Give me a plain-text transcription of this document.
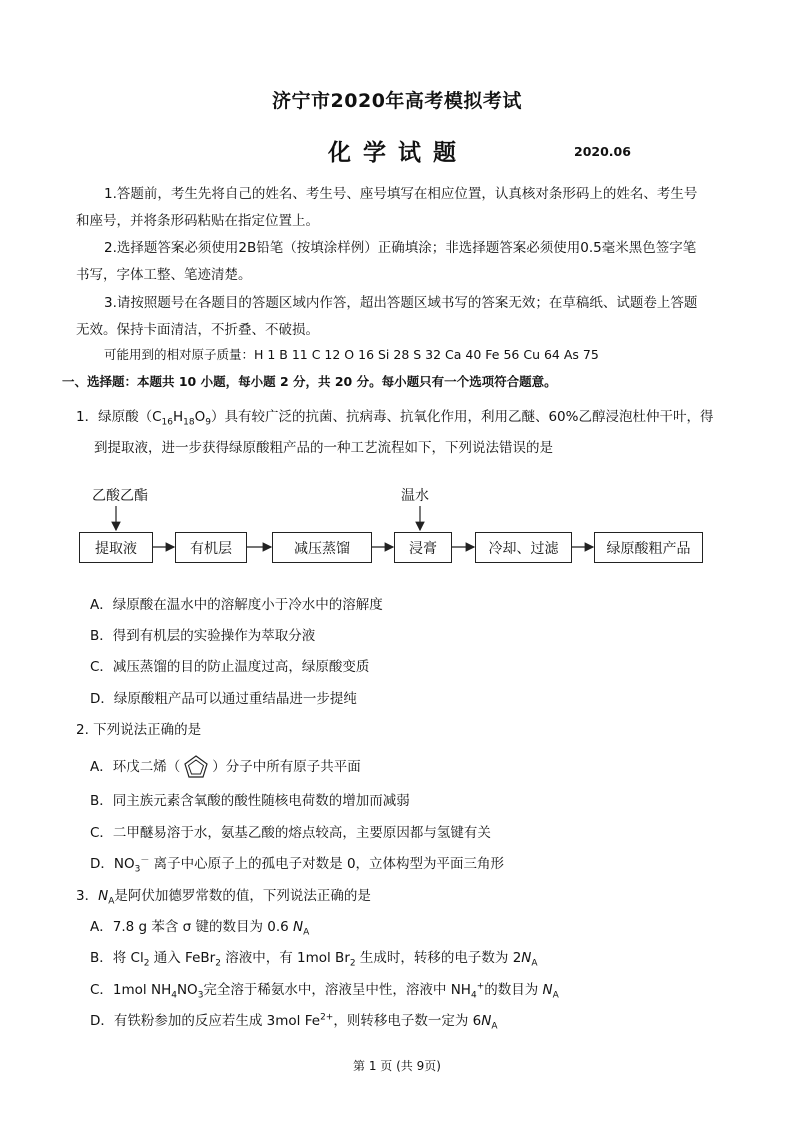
济宁市2020年高考模拟考试
化学试题	2020.06
1.答题前，考生先将自己的姓名、考生号、座号填写在相应位置，认真核对条形码上的姓名、考生号
和座号，并将条形码粘贴在指定位置上。
2.选择题答案必须使用2B铅笔（按填涂样例）正确填涂；非选择题答案必须使用0.5毫米黑色签字笔
书写，字体工整、笔迹清楚。
3.请按照题号在各题目的答题区域内作答，超出答题区域书写的答案无效；在草稿纸、试题卷上答题
无效。保持卡面清洁，不折叠、不破损。
可能用到的相对原子质量：H 1 B 11 C 12 O 16 Si 28 S 32 Ca 40 Fe 56 Cu 64 As 75
一、选择题：本题共 10 小题，每小题 2 分，共 20 分。每小题只有一个选项符合题意。
1．绿原酸$(C_{16}H_{18}O_9)$具有较广泛的抗菌、抗病毒、抗氧化作用，利用乙醚、60%乙醇浸泡杜仲干叶，得
到提取液，进一步获得绿原酸粗产品的一种工艺流程如下，下列说法错误的是
乙酸乙酯	温水
提取液	有机层	减压蒸馏	浸膏	冷却、过滤	绿原酸粗产品
A．绿原酸在温水中的溶解度小于冷水中的溶解度
B．得到有机层的实验操作为萃取分液
C．减压蒸馏的目的防止温度过高，绿原酸变质
D．绿原酸粗产品可以通过重结晶进一步提纯
2. 下列说法正确的是
A．环戊二烯（ ）分子中所有原子共平面
B．同主族元素含氧酸的酸性随核电荷数的增加而减弱
C．二甲醚易溶于水，氨基乙酸的熔点较高，主要原因都与氢键有关
D．$NO_3^-$ 离子中心原子上的孤电子对数是 0，立体构型为平面三角形
3．$N_A$是阿伏加德罗常数的值，下列说法正确的是
A．7.8 g 苯含 σ 键的数目为 0.6 $N_A$
B．将 $Cl_2$ 通入 FeBr$_2$ 溶液中，有 1mol $Br_2$ 生成时，转移的电子数为 $2N_A$
C．1mol $NH_4NO_3$完全溶于稀氨水中，溶液呈中性，溶液中 $NH_4^+$的数目为 $N_A$
D．有铁粉参加的反应若生成 3mol $Fe^{2+}$，则转移电子数一定为 $6N_A$
第 1 页 (共 9页)
